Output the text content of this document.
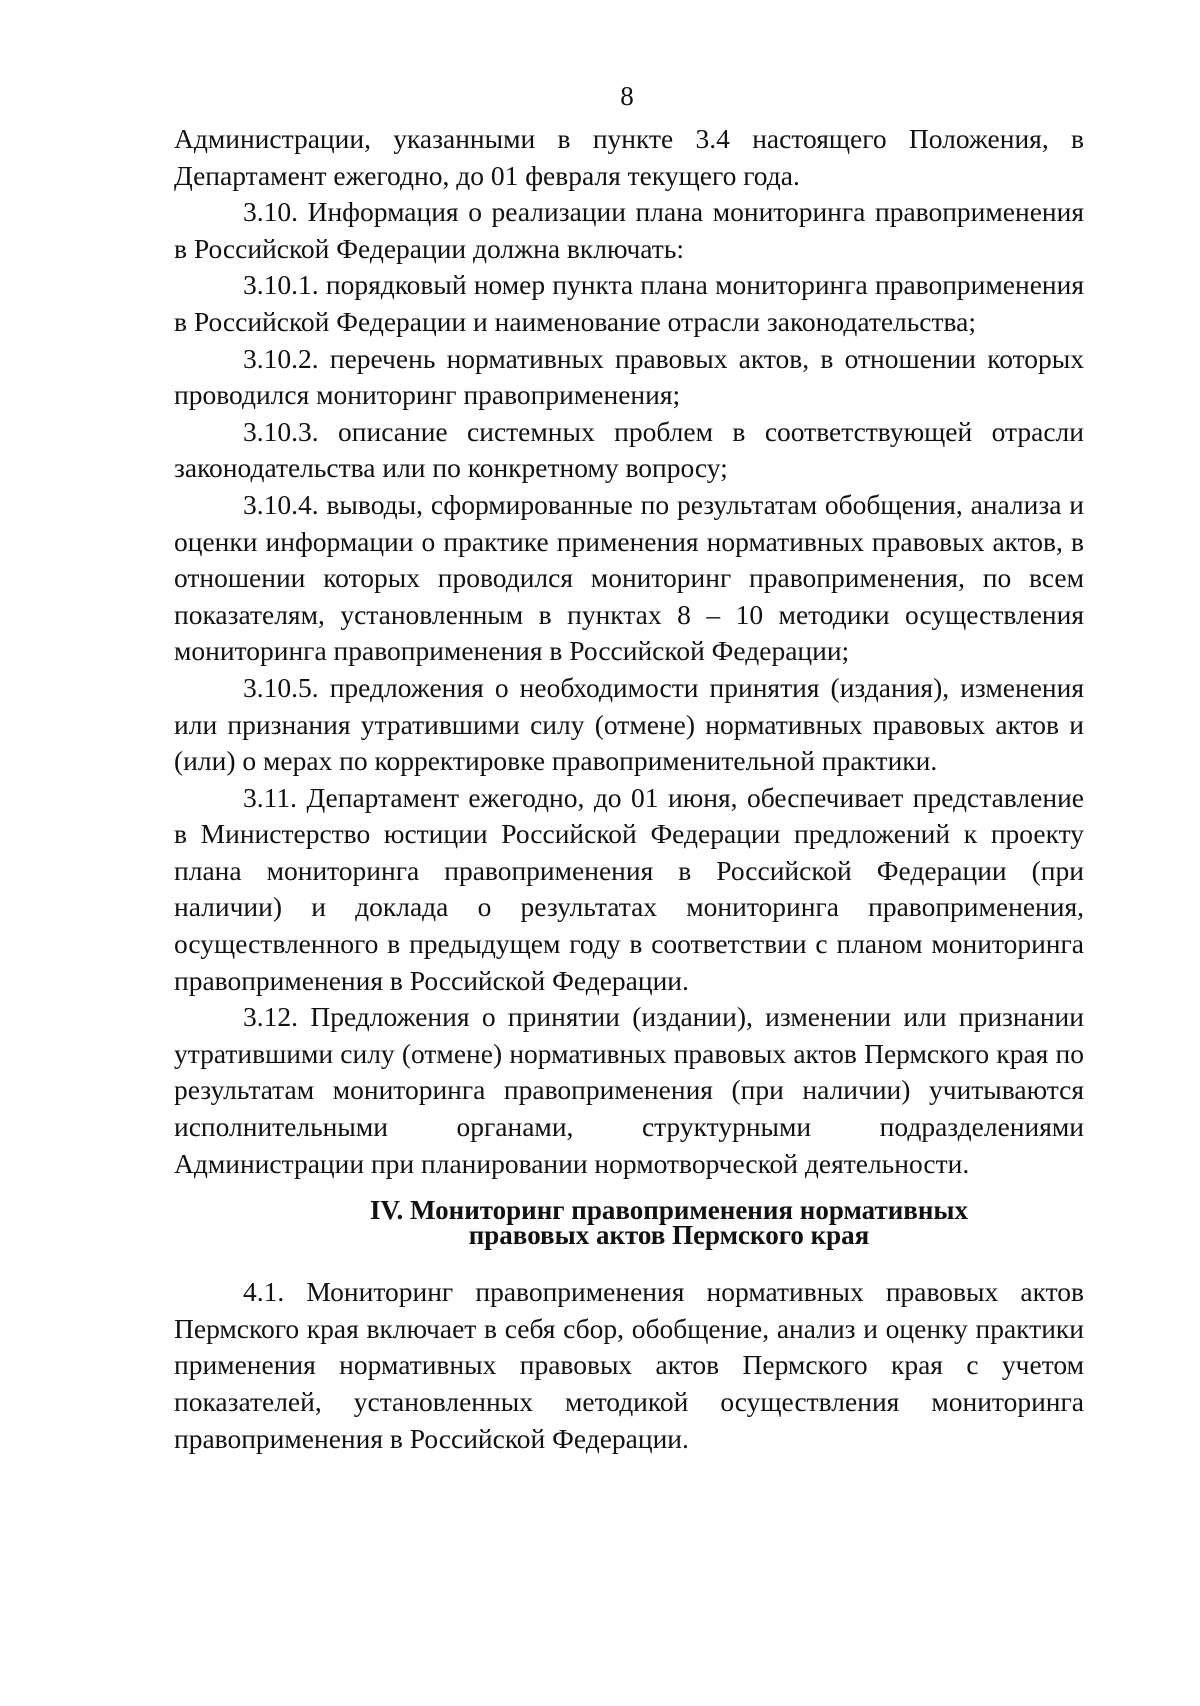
8

Администрации, указанными в пункте 3.4 настоящего Положения, в Департамент ежегодно, до 01 февраля текущего года.

3.10. Информация о реализации плана мониторинга правоприменения в Российской Федерации должна включать:

3.10.1. порядковый номер пункта плана мониторинга правоприменения в Российской Федерации и наименование отрасли законодательства;

3.10.2. перечень нормативных правовых актов, в отношении которых проводился мониторинг правоприменения;

3.10.3. описание системных проблем в соответствующей отрасли законодательства или по конкретному вопросу;

3.10.4. выводы, сформированные по результатам обобщения, анализа и оценки информации о практике применения нормативных правовых актов, в отношении которых проводился мониторинг правоприменения, по всем показателям, установленным в пунктах 8 – 10 методики осуществления мониторинга правоприменения в Российской Федерации;

3.10.5. предложения о необходимости принятия (издания), изменения или признания утратившими силу (отмене) нормативных правовых актов и (или) о мерах по корректировке правоприменительной практики.

3.11. Департамент ежегодно, до 01 июня, обеспечивает представление в Министерство юстиции Российской Федерации предложений к проекту плана мониторинга правоприменения в Российской Федерации (при наличии) и доклада о результатах мониторинга правоприменения, осуществленного в предыдущем году в соответствии с планом мониторинга правоприменения в Российской Федерации.

3.12. Предложения о принятии (издании), изменении или признании утратившими силу (отмене) нормативных правовых актов Пермского края по результатам мониторинга правоприменения (при наличии) учитываются исполнительными органами, структурными подразделениями Администрации при планировании нормотворческой деятельности.

IV. Мониторинг правоприменения нормативных
правовых актов Пермского края

4.1. Мониторинг правоприменения нормативных правовых актов Пермского края включает в себя сбор, обобщение, анализ и оценку практики применения нормативных правовых актов Пермского края с учетом показателей, установленных методикой осуществления мониторинга правоприменения в Российской Федерации.
